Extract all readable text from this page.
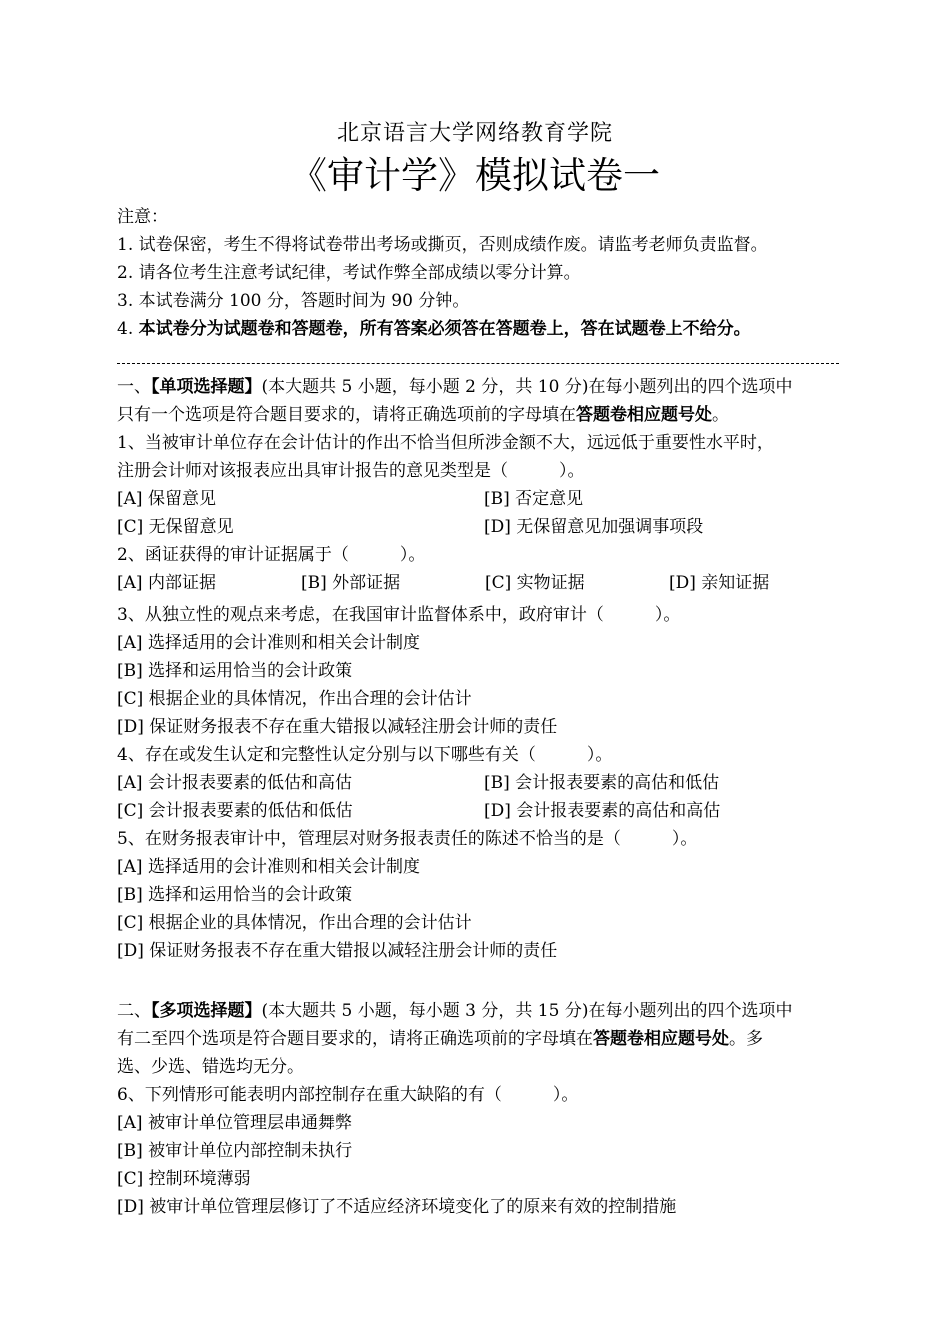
北京语言大学网络教育学院
《审计学》模拟试卷一
注意：
1. 试卷保密，考生不得将试卷带出考场或撕页，否则成绩作废。请监考老师负责监督。
2. 请各位考生注意考试纪律，考试作弊全部成绩以零分计算。
3. 本试卷满分 100 分，答题时间为 90 分钟。
4. 本试卷分为试题卷和答题卷，所有答案必须答在答题卷上，答在试题卷上不给分。
一、【单项选择题】(本大题共 5 小题，每小题 2 分，共 10 分)在每小题列出的四个选项中
只有一个选项是符合题目要求的，请将正确选项前的字母填在答题卷相应题号处。
1、当被审计单位存在会计估计的作出不恰当但所涉金额不大，远远低于重要性水平时，
注册会计师对该报表应出具审计报告的意见类型是（　　　）。
[A] 保留意见	[B] 否定意见
[C] 无保留意见	[D] 无保留意见加强调事项段
2、函证获得的审计证据属于（　　　）。
[A] 内部证据	[B] 外部证据	[C] 实物证据	[D] 亲知证据
3、从独立性的观点来考虑，在我国审计监督体系中，政府审计（　　　）。
[A] 选择适用的会计准则和相关会计制度
[B] 选择和运用恰当的会计政策
[C] 根据企业的具体情况，作出合理的会计估计
[D] 保证财务报表不存在重大错报以减轻注册会计师的责任
4、存在或发生认定和完整性认定分别与以下哪些有关（　　　）。
[A] 会计报表要素的低估和高估	[B] 会计报表要素的高估和低估
[C] 会计报表要素的低估和低估	[D] 会计报表要素的高估和高估
5、在财务报表审计中，管理层对财务报表责任的陈述不恰当的是（　　　）。
[A] 选择适用的会计准则和相关会计制度
[B] 选择和运用恰当的会计政策
[C] 根据企业的具体情况，作出合理的会计估计
[D] 保证财务报表不存在重大错报以减轻注册会计师的责任
二、【多项选择题】(本大题共 5 小题，每小题 3 分，共 15 分)在每小题列出的四个选项中
有二至四个选项是符合题目要求的，请将正确选项前的字母填在答题卷相应题号处。多
选、少选、错选均无分。
6、下列情形可能表明内部控制存在重大缺陷的有（　　　）。
[A] 被审计单位管理层串通舞弊
[B] 被审计单位内部控制未执行
[C] 控制环境薄弱
[D] 被审计单位管理层修订了不适应经济环境变化了的原来有效的控制措施
